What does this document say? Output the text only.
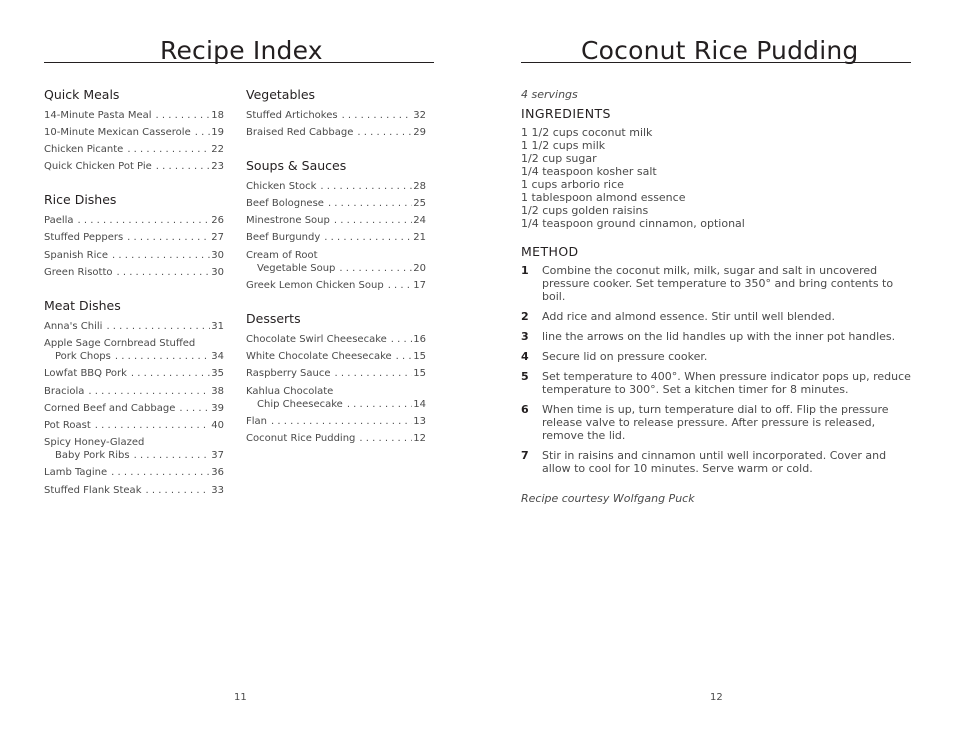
Recipe Index
Quick Meals
14-Minute Pasta Meal . . .	18
10-Minute Mexican Casserole . . . 19
Chicken Picante . . .	22
Quick Chicken Pot Pie . . .	23
Rice Dishes
Paella . . .	26
Stuffed Peppers . . .	27
Spanish Rice . . .	30
Green Risotto . . .	30
Meat Dishes
Anna's Chili . . .	31
Apple Sage Cornbread Stuffed
Pork Chops . . .	34
Lowfat BBQ Pork . . .	35
Braciola . . .	38
Corned Beef and Cabbage . . .	39
Pot Roast . . .	40
Spicy Honey-Glazed
Baby Pork Ribs . . .	37
Lamb Tagine . . .	36
Stuffed Flank Steak . . .	33
Vegetables
Stuffed Artichokes . . .	32
Braised Red Cabbage . . .	29
Soups & Sauces
Chicken Stock . . .	28
Beef Bolognese . . .	25
Minestrone Soup . . .	24
Beef Burgundy . . .	21
Cream of Root
Vegetable Soup . . .	20
Greek Lemon Chicken Soup . . .	17
Desserts
Chocolate Swirl Cheesecake . . .	16
White Chocolate Cheesecake . . . 15
Raspberry Sauce . . .	15
Kahlua Chocolate
Chip Cheesecake . . .	14
Flan . . .	13
Coconut Rice Pudding . . .	12
11
Coconut Rice Pudding
4 servings
INGREDIENTS
1 1/2 cups coconut milk
1 1/2 cups milk
1/2 cup sugar
1/4 teaspoon kosher salt
1 cups arborio rice
1 tablespoon almond essence
1/2 cups golden raisins
1/4 teaspoon ground cinnamon, optional
METHOD
1	Combine the coconut milk, milk, sugar and salt in uncovered pressure cooker. Set temperature to 350° and bring contents to boil.
2	Add rice and almond essence. Stir until well blended.
3	line the arrows on the lid handles up with the inner pot handles.
4	Secure lid on pressure cooker.
5	Set temperature to 400°. When pressure indicator pops up, reduce temperature to 300°. Set a kitchen timer for 8 minutes.
6	When time is up, turn temperature dial to off. Flip the pressure release valve to release pressure. After pressure is released, remove the lid.
7	Stir in raisins and cinnamon until well incorporated. Cover and allow to cool for 10 minutes. Serve warm or cold.
Recipe courtesy Wolfgang Puck
12
